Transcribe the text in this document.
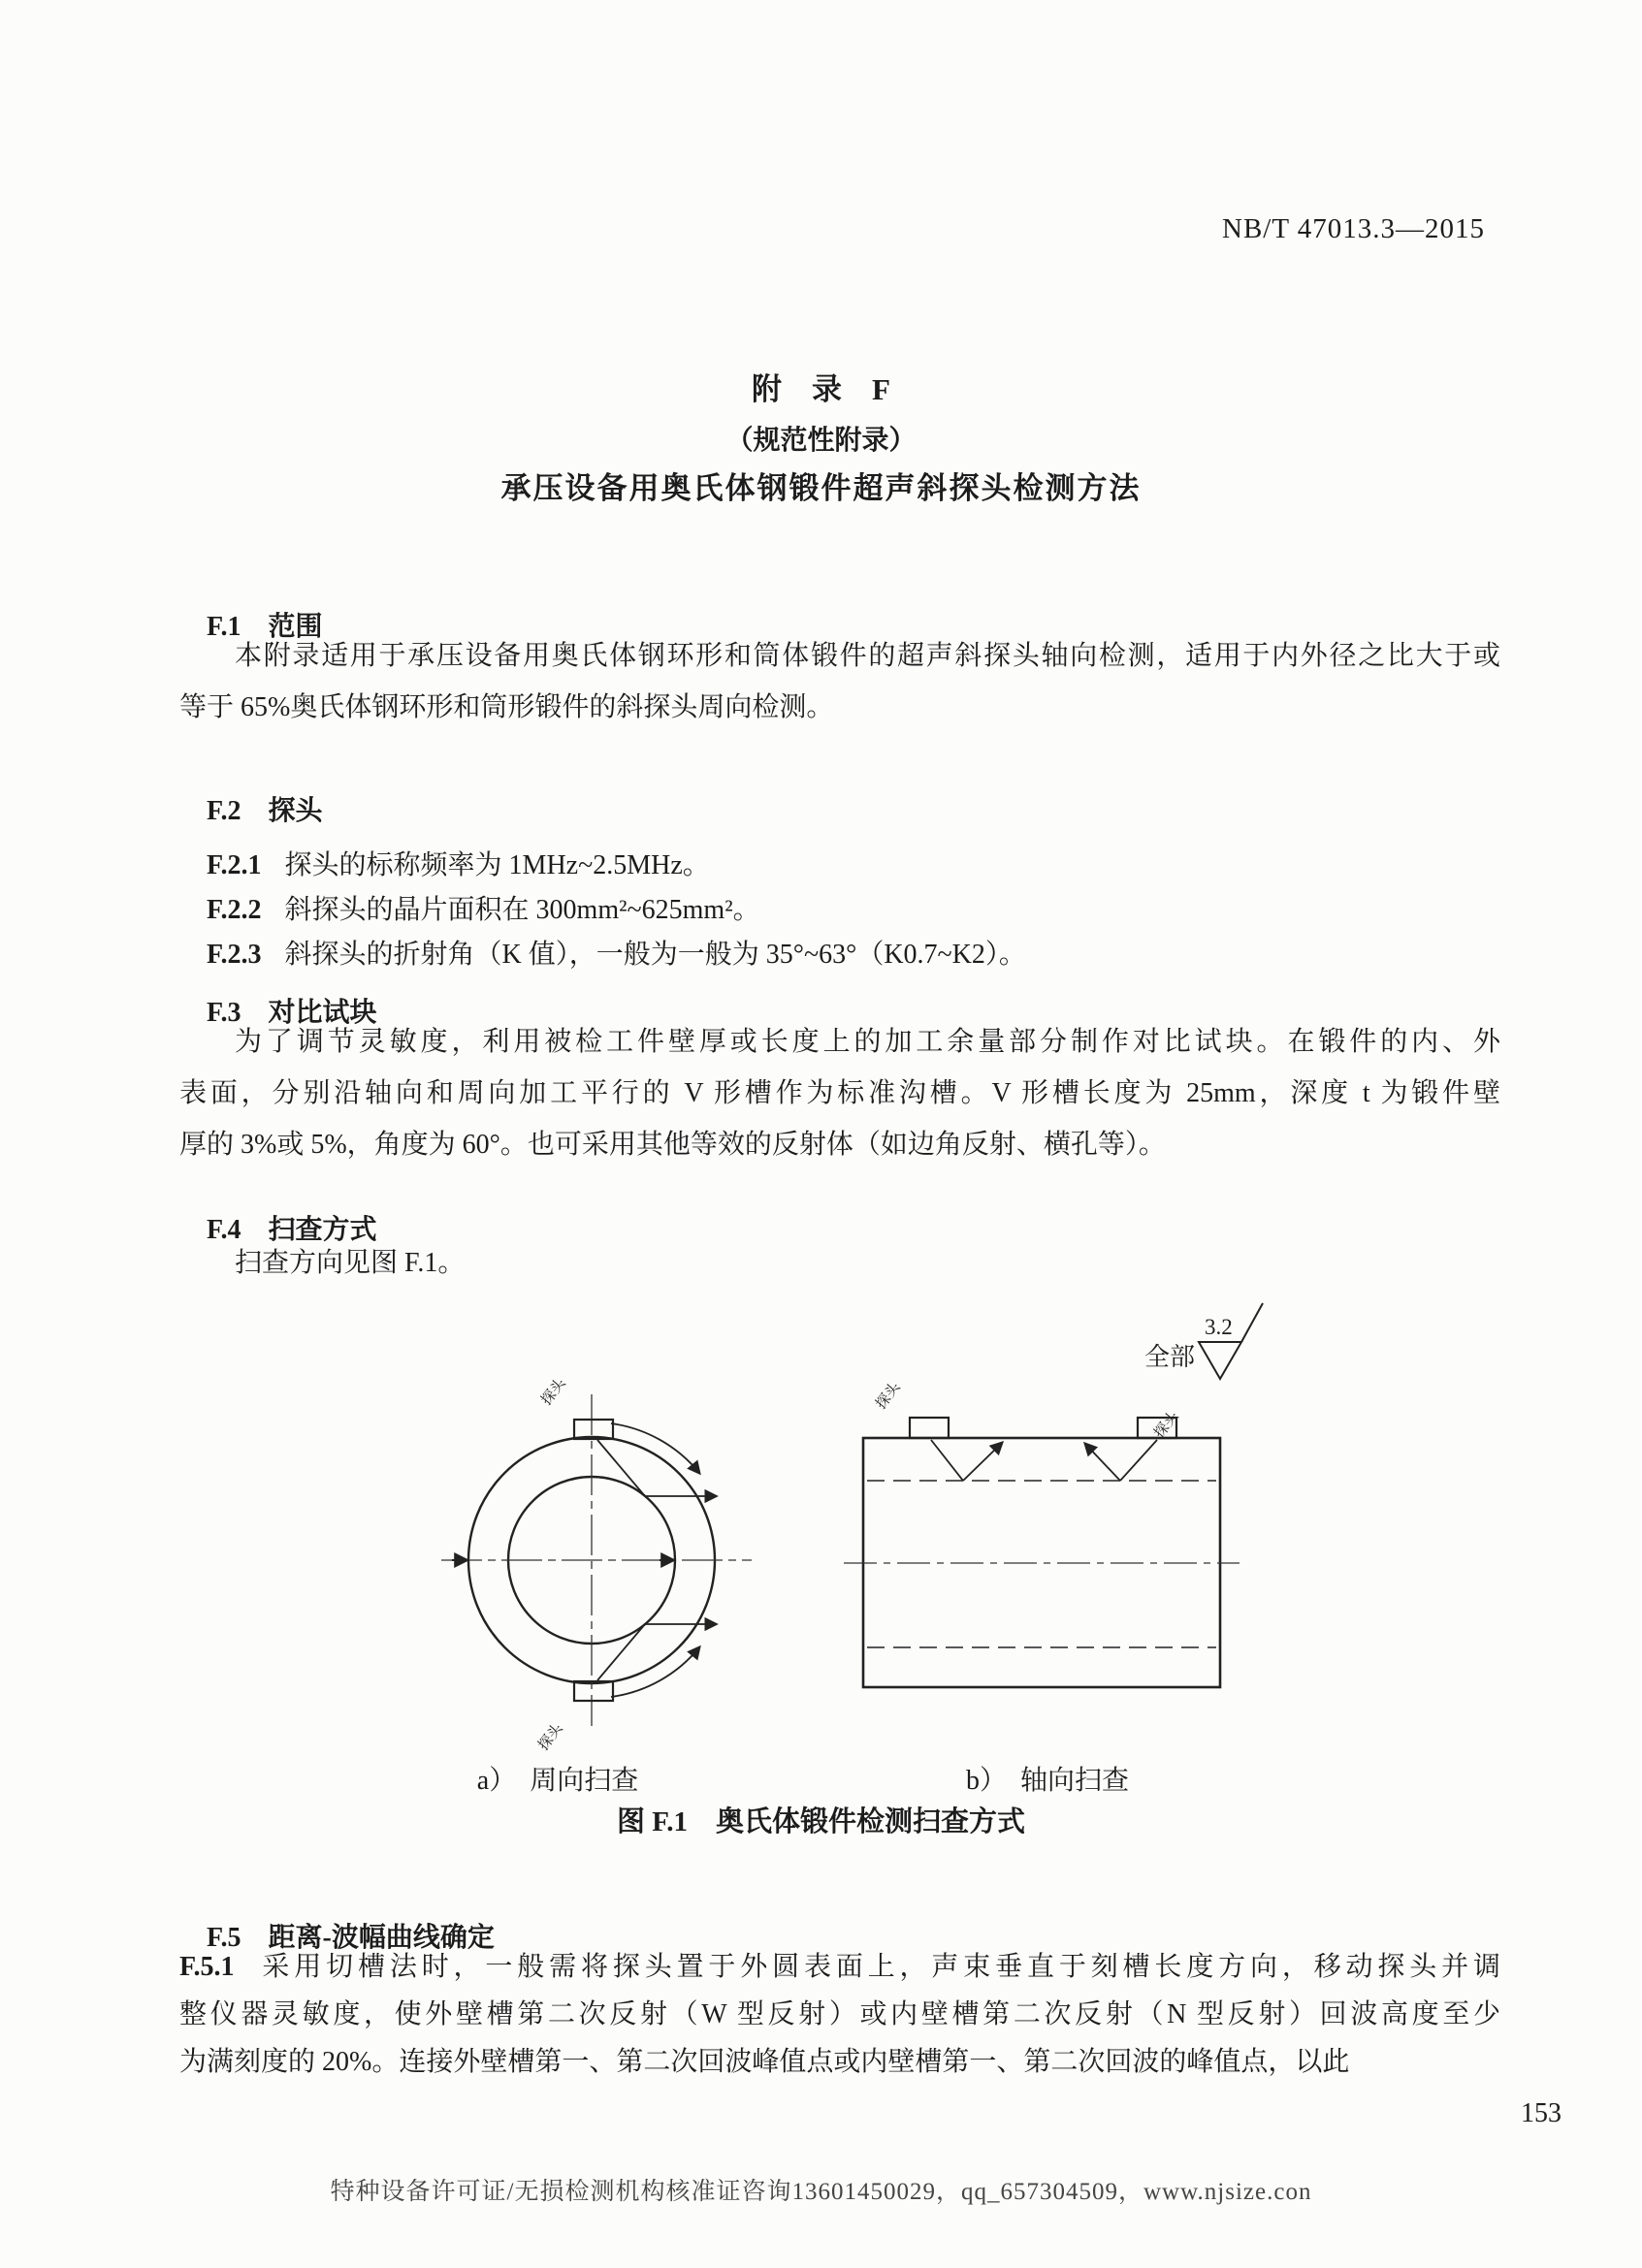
NB/T 47013.3—2015
附　录　F
（规范性附录）
承压设备用奥氏体钢锻件超声斜探头检测方法

F.1 范围

本附录适用于承压设备用奥氏体钢环形和筒体锻件的超声斜探头轴向检测，适用于内外径之比大于或
等于 65%奥氏体钢环形和筒形锻件的斜探头周向检测。

F.2 探头

F.2.1 探头的标称频率为 1MHz~2.5MHz。

F.2.2 斜探头的晶片面积在 300mm²~625mm²。

F.2.3 斜探头的折射角（K 值），一般为一般为 35°~63°（K0.7~K2）。

F.3 对比试块

为了调节灵敏度，利用被检工件壁厚或长度上的加工余量部分制作对比试块。在锻件的内、外
表面，分别沿轴向和周向加工平行的 V 形槽作为标准沟槽。V 形槽长度为 25mm，深度 t 为锻件壁
厚的 3%或 5%，角度为 60°。也可采用其他等效的反射体（如边角反射、横孔等）。

F.4 扫查方式

扫查方向见图 F.1。
探头
探头
探头
探头
全部
3.2
a）　周向扫查	b）　轴向扫查
图 F.1　奥氏体锻件检测扫查方式

F.5 距离-波幅曲线确定

F.5.1 采用切槽法时，一般需将探头置于外圆表面上，声束垂直于刻槽长度方向，移动探头并调
整仪器灵敏度，使外壁槽第二次反射（W 型反射）或内壁槽第二次反射（N 型反射）回波高度至少
为满刻度的 20%。连接外壁槽第一、第二次回波峰值点或内壁槽第一、第二次回波的峰值点，以此
153
特种设备许可证/无损检测机构核准证咨询13601450029，qq_657304509，www.njsize.con
